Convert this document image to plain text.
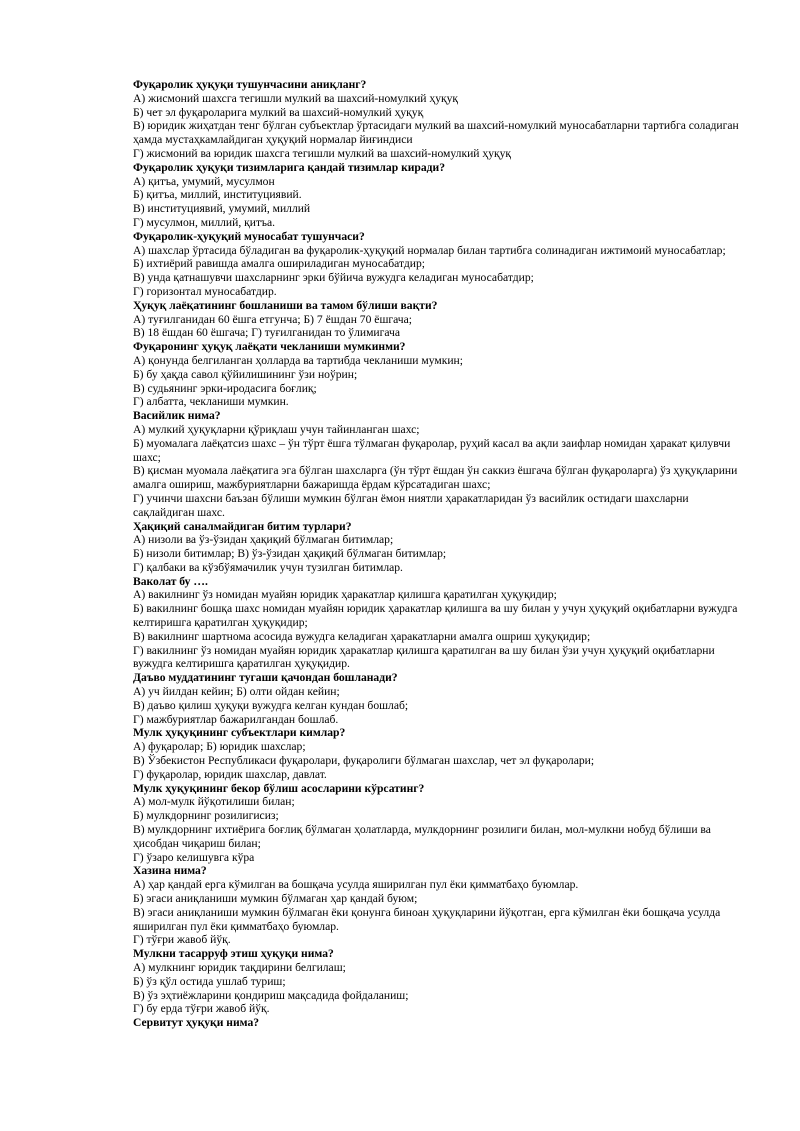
Фуқаролик ҳуқуқи тушунчасини аниқланг?

А) жисмоний шахсга тегишли мулкий ва шахсий-номулкий ҳуқуқ

Б) чет эл фуқароларига мулкий ва шахсий-номулкий ҳуқуқ

В) юридик жиҳатдан тенг бўлган субъектлар ўртасидаги мулкий ва шахсий-номулкий муносабатларни тартибга соладиган ҳамда мустаҳкамлайдиган ҳуқуқий нормалар йиғиндиси

Г) жисмоний ва юридик шахсга тегишли мулкий ва шахсий-номулкий ҳуқуқ

Фуқаролик ҳуқуқи тизимларига қандай тизимлар киради?

А) қитъа, умумий, мусулмон

Б) қитъа, миллий, институциявий.

В) институциявий, умумий, миллий

Г) мусулмон, миллий, қитъа.

Фуқаролик-ҳуқуқий муносабат тушунчаси?

А) шахслар ўртасида бўладиган ва фуқаролик-ҳуқуқий нормалар билан тартибга солинадиган ижтимоий муносабатлар;

Б) ихтиёрий равишда амалга ошириладиган муносабатдир;

В) унда қатнашувчи шахсларнинг эрки бўйича вужудга келадиган муносабатдир;

Г) горизонтал муносабатдир.

Ҳуқуқ лаёқатининг бошланиши ва тамом бўлиши вақти?

А) туғилганидан 60 ёшга етгунча; Б) 7 ёшдан 70 ёшгача;

В) 18 ёшдан 60 ёшгача; Г) туғилганидан то ўлимигача

Фуқаронинг ҳуқуқ лаёқати чекланиши мумкинми?

А) қонунда белгиланган ҳолларда ва тартибда чекланиши мумкин;

Б) бу ҳақда савол қўйилишининг ўзи ноўрин;

В) судьянинг эрки-иродасига боғлиқ;

Г) албатта, чекланиши мумкин.

Васийлик нима?

А) мулкий ҳуқуқларни қўриқлаш учун тайинланган шахс;

Б) муомалага лаёқатсиз шахс – ўн тўрт ёшга тўлмаган фуқаролар, руҳий касал ва ақли заифлар номидан ҳаракат қилувчи шахс;

В) қисман муомала лаёқатига эга бўлган шахсларга (ўн тўрт ёшдан ўн саккиз ёшгача бўлган фуқароларга) ўз ҳуқуқларини амалга ошириш, мажбуриятларни бажаришда ёрдам кўрсатадиган шахс;

Г) учинчи шахсни баъзан бўлиши мумкин бўлган ёмон ниятли ҳаракатларидан ўз васийлик остидаги шахсларни сақлайдиган шахс.

Ҳақиқий саналмайдиган битим турлари?

А) низоли ва ўз-ўзидан ҳақиқий бўлмаган битимлар;

Б) низоли битимлар; В) ўз-ўзидан ҳақиқий бўлмаган битимлар;

Г) қалбаки ва кўзбўямачилик учун тузилган битимлар.

Ваколат бу ….

А) вакилнинг ўз номидан муайян юридик ҳаракатлар қилишга қаратилган ҳуқуқидир;

Б) вакилнинг бошқа шахс номидан муайян юридик ҳаракатлар қилишга ва шу билан у учун ҳуқуқий оқибатларни вужудга келтиришга қаратилган ҳуқуқидир;

В) вакилнинг шартнома асосида вужудга келадиган ҳаракатларни амалга ошриш ҳуқуқидир;

Г) вакилнинг ўз номидан муайян юридик ҳаракатлар қилишга қаратилган ва шу билан ўзи учун ҳуқуқий оқибатларни вужудга келтиришга қаратилган ҳуқуқидир.

Даъво муддатининг тугаши қачондан бошланади?

А) уч йилдан кейин; Б) олти ойдан кейин;

В) даъво қилиш ҳуқуқи вужудга келган кундан бошлаб;

Г) мажбуриятлар бажарилгандан бошлаб.

Мулк ҳуқуқининг субъектлари кимлар?

А) фуқаролар; Б) юридик шахслар;

В) Ўзбекистон Республикаси фуқаролари, фуқаролиги бўлмаган шахслар, чет эл фуқаролари;

Г) фуқаролар, юридик шахслар, давлат.

Мулк ҳуқуқининг бекор бўлиш асосларини кўрсатинг?

А) мол-мулк йўқотилиши билан;

Б) мулкдорнинг розилигисиз;

В) мулкдорнинг ихтиёрига боғлиқ бўлмаган ҳолатларда, мулкдорнинг розилиги билан, мол-мулкни нобуд бўлиши ва ҳисобдан чиқариш билан;

Г) ўзаро келишувга кўра

Хазина нима?

А) ҳар қандай ерга кўмилган ва бошқача усулда яширилган пул ёки қимматбаҳо буюмлар.

Б) эгаси аниқланиши мумкин бўлмаган ҳар қандай буюм;

В) эгаси аниқланиши мумкин бўлмаган ёки қонунга биноан ҳуқуқларини йўқотган, ерга кўмилган ёки бошқача усулда яширилган пул ёки қимматбаҳо буюмлар.

Г) тўғри жавоб йўқ.

Мулкни тасарруф этиш ҳуқуқи нима?

А) мулкнинг юридик тақдирини белгилаш;

Б) ўз қўл остида ушлаб туриш;

В) ўз эҳтиёжларини қондириш мақсадида фойдаланиш;

Г) бу ерда тўғри жавоб йўқ.

Сервитут ҳуқуқи нима?
